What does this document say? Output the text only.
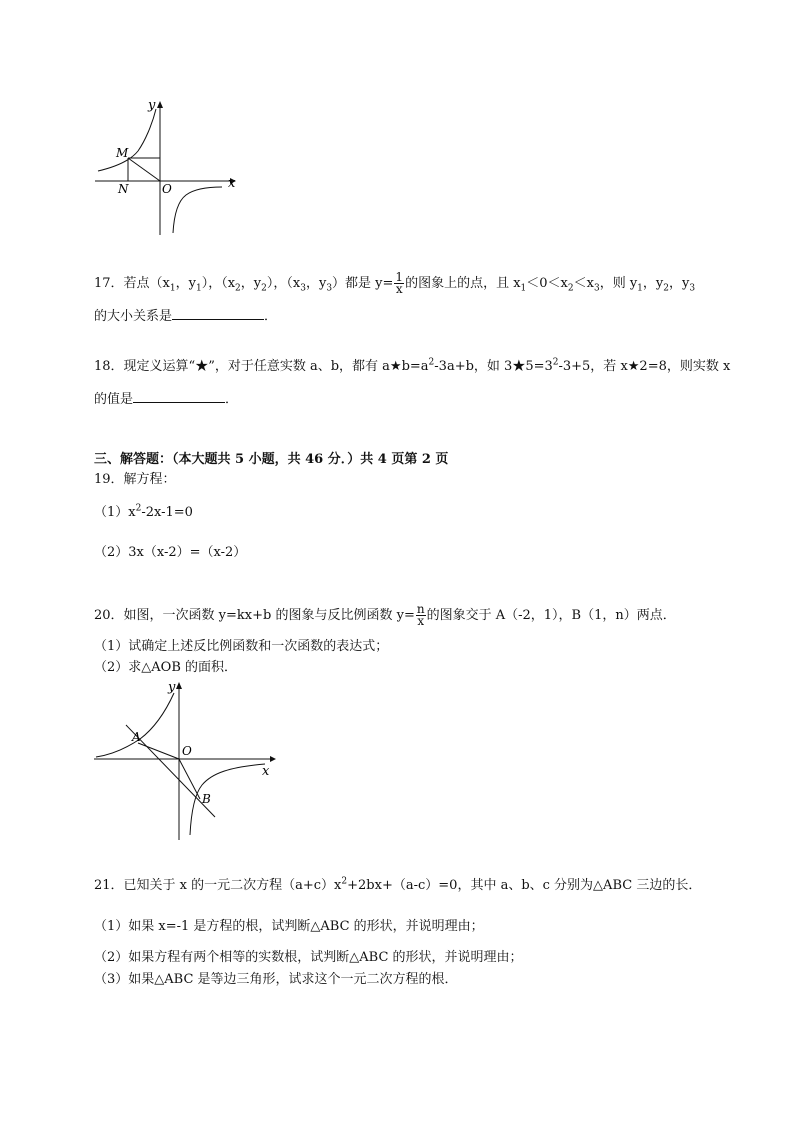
y
x
M
N	O
17．若点（$x_1$，$y_1$），（$x_2$，$y_2$），（$x_3$，$y_3$）都是 $y= \frac{1}{x}$ 的图象上的点，且 $x_1<0<x_2<x_3$，则 $y_1$，$y_2$，$y_3$
的大小关系是	．
18．现定义运算“★”，对于任意实数 a、b，都有 $a★b=a^2-3a+b$，如 $3★5=3^2-3+5$，若 x★2=8，则实数 x
的值是	．
三、解答题：（本大题共 5 小题，共 46 分．）共 4 页第 2 页
19．解方程：
$(1)x^2-2x-1=0$
（2）3x（x-2）=（x-2）
20．如图，一次函数 y=kx+b 的图象与反比例函数 $y= \frac{n}{x}$ 的图象交于 A（-2，1），B（1，n）两点．
（1）试确定上述反比例函数和一次函数的表达式；
（2）求△AOB 的面积．
y
x
A
B
O
21．已知关于 x 的一元二次方程$(a+c)x^2+2bx+(a-c)=0$，其中 a、b、c 分别为△ABC 三边的长．
（1）如果 x=-1 是方程的根，试判断△ABC 的形状，并说明理由；
（2）如果方程有两个相等的实数根，试判断△ABC 的形状，并说明理由；
（3）如果△ABC 是等边三角形，试求这个一元二次方程的根．
